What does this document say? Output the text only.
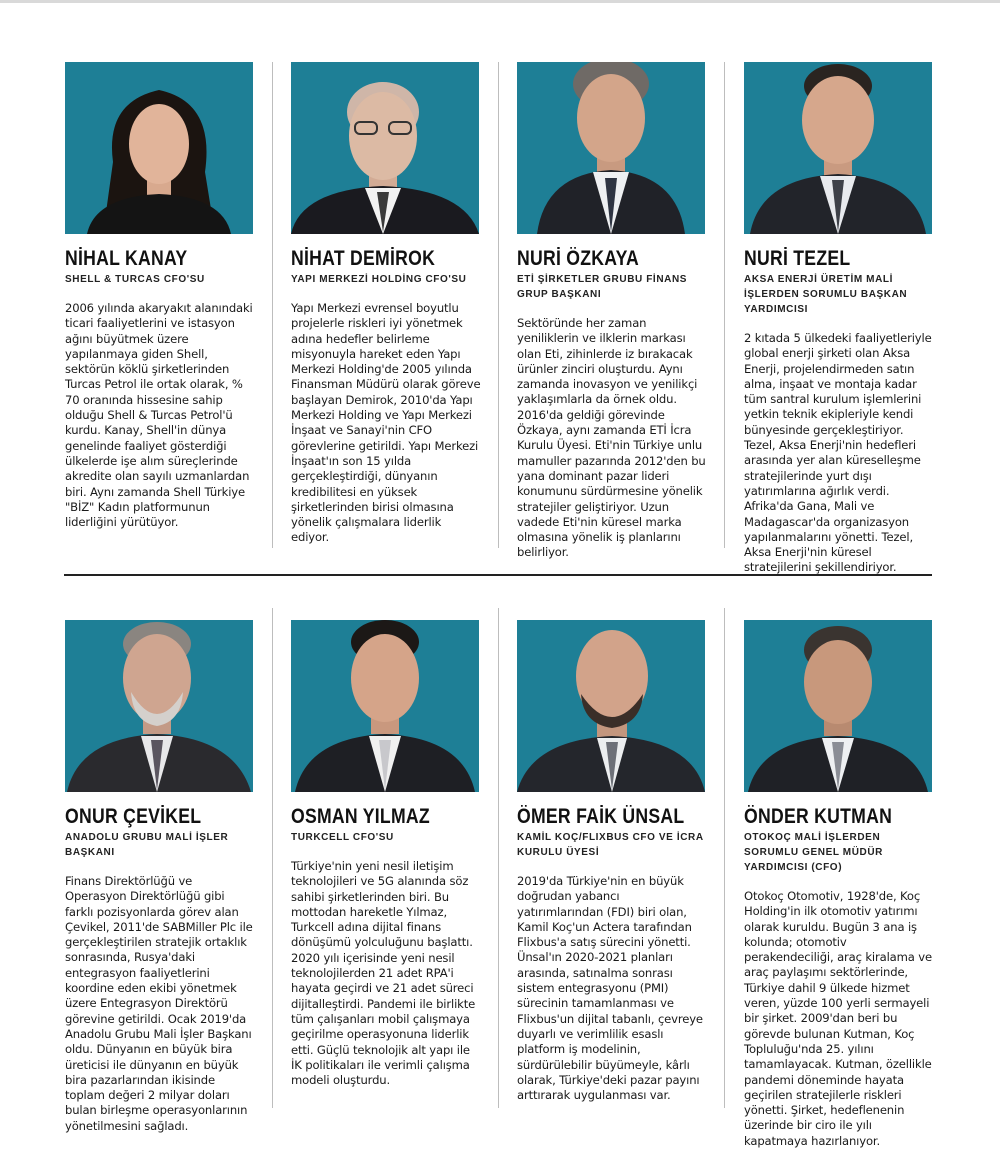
NİHAL KANAY
SHELL & TURCAS CFO'SU
2006 yılında akaryakıt alanındaki ticari faaliyetlerini ve istasyon ağını büyütmek üzere yapılanmaya giden Shell, sektörün köklü şirketlerinden Turcas Petrol ile ortak olarak, % 70 oranında hissesine sahip olduğu Shell & Turcas Petrol'ü kurdu. Kanay, Shell'in dünya genelinde faaliyet gösterdiği ülkelerde işe alım süreçlerinde akredite olan sayılı uzmanlardan biri. Aynı zamanda Shell Türkiye "BİZ" Kadın platformunun liderliğini yürütüyor.
NİHAT DEMİROK
YAPI MERKEZİ HOLDİNG CFO'SU
Yapı Merkezi evrensel boyutlu projelerle riskleri iyi yönetmek adına hedefler belirleme misyonuyla hareket eden Yapı Merkezi Holding'de 2005 yılında Finansman Müdürü olarak göreve başlayan Demirok, 2010'da Yapı Merkezi Holding ve Yapı Merkezi İnşaat ve Sanayi'nin CFO görevlerine getirildi. Yapı Merkezi İnşaat'ın son 15 yılda gerçekleştirdiği, dünyanın kredibilitesi en yüksek şirketlerinden birisi olmasına yönelik çalışmalara liderlik ediyor.
NURİ ÖZKAYA
ETİ ŞİRKETLER GRUBU FİNANS GRUP BAŞKANI
Sektöründe her zaman yeniliklerin ve ilklerin markası olan Eti, zihinlerde iz bırakacak ürünler zinciri oluşturdu. Aynı zamanda inovasyon ve yenilikçi yaklaşımlarla da örnek oldu. 2016'da geldiği görevinde Özkaya, aynı zamanda ETİ İcra Kurulu Üyesi. Eti'nin Türkiye unlu mamuller pazarında 2012'den bu yana dominant pazar lideri konumunu sürdürmesine yönelik stratejiler geliştiriyor. Uzun vadede Eti'nin küresel marka olmasına yönelik iş planlarını belirliyor.
NURİ TEZEL
AKSA ENERJİ ÜRETİM MALİ İŞLERDEN SORUMLU BAŞKAN YARDIMCISI
2 kıtada 5 ülkedeki faaliyetleriyle global enerji şirketi olan Aksa Enerji, projelendirmeden satın alma, inşaat ve montaja kadar tüm santral kurulum işlemlerini yetkin teknik ekipleriyle kendi bünyesinde gerçekleştiriyor. Tezel, Aksa Enerji'nin hedefleri arasında yer alan küreselleşme stratejilerinde yurt dışı yatırımlarına ağırlık verdi. Afrika'da Gana, Mali ve Madagascar'da organizasyon yapılanmalarını yönetti. Tezel, Aksa Enerji'nin küresel stratejilerini şekillendiriyor.
ONUR ÇEVİKEL
ANADOLU GRUBU MALİ İŞLER BAŞKANI
Finans Direktörlüğü ve Operasyon Direktörlüğü gibi farklı pozisyonlarda görev alan Çevikel, 2011'de SABMiller Plc ile gerçekleştirilen stratejik ortaklık sonrasında, Rusya'daki entegrasyon faaliyetlerini koordine eden ekibi yönetmek üzere Entegrasyon Direktörü görevine getirildi. Ocak 2019'da Anadolu Grubu Mali İşler Başkanı oldu. Dünyanın en büyük bira üreticisi ile dünyanın en büyük bira pazarlarından ikisinde toplam değeri 2 milyar doları bulan birleşme operasyonlarının yönetilmesini sağladı.
OSMAN YILMAZ
TURKCELL CFO'SU
Türkiye'nin yeni nesil iletişim teknolojileri ve 5G alanında söz sahibi şirketlerinden biri. Bu mottodan hareketle Yılmaz, Turkcell adına dijital finans dönüşümü yolculuğunu başlattı. 2020 yılı içerisinde yeni nesil teknolojilerden 21 adet RPA'i hayata geçirdi ve 21 adet süreci dijitalleştirdi. Pandemi ile birlikte tüm çalışanları mobil çalışmaya geçirilme operasyonuna liderlik etti. Güçlü teknolojik alt yapı ile İK politikaları ile verimli çalışma modeli oluşturdu.
ÖMER FAİK ÜNSAL
KAMİL KOÇ/FLIXBUS CFO VE İCRA KURULU ÜYESİ
2019'da Türkiye'nin en büyük doğrudan yabancı yatırımlarından (FDI) biri olan, Kamil Koç'un Actera tarafından Flixbus'a satış sürecini yönetti. Ünsal'ın 2020-2021 planları arasında, satınalma sonrası sistem entegrasyonu (PMI) sürecinin tamamlanması ve Flixbus'un dijital tabanlı, çevreye duyarlı ve verimlilik esaslı platform iş modelinin, sürdürülebilir büyümeyle, kârlı olarak, Türkiye'deki pazar payını arttırarak uygulanması var.
ÖNDER KUTMAN
OTOKOÇ MALİ İŞLERDEN SORUMLU GENEL MÜDÜR YARDIMCISI (CFO)
Otokoç Otomotiv, 1928'de, Koç Holding'in ilk otomotiv yatırımı olarak kuruldu. Bugün 3 ana iş kolunda; otomotiv perakendeciliği, araç kiralama ve araç paylaşımı sektörlerinde, Türkiye dahil 9 ülkede hizmet veren, yüzde 100 yerli sermayeli bir şirket. 2009'dan beri bu görevde bulunan Kutman, Koç Topluluğu'nda 25. yılını tamamlayacak. Kutman, özellikle pandemi döneminde hayata geçirilen stratejilerle riskleri yönetti. Şirket, hedeflenenin üzerinde bir ciro ile yılı kapatmaya hazırlanıyor.
